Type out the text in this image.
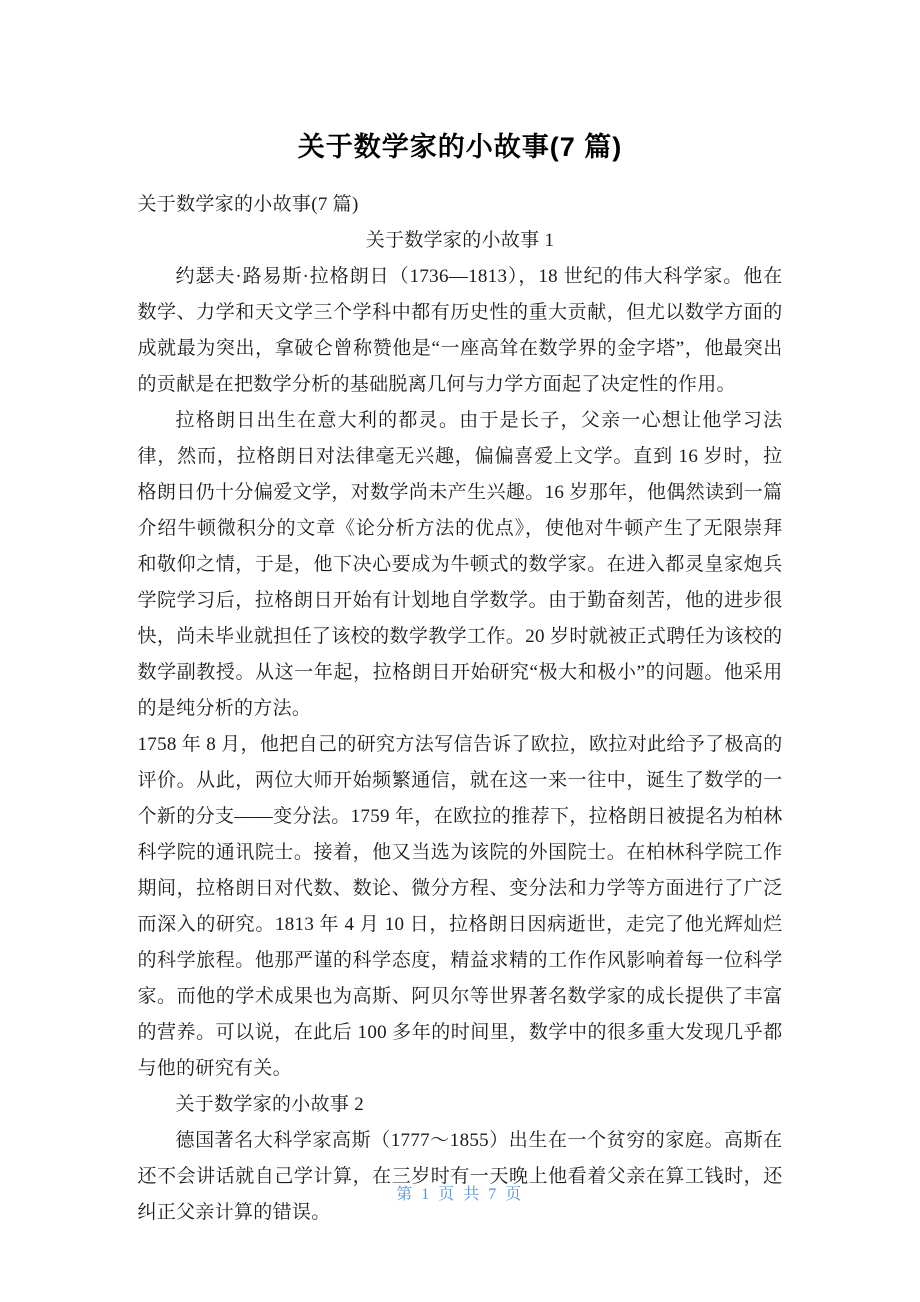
关于数学家的小故事(7 篇)

关于数学家的小故事(7 篇)

关于数学家的小故事 1

约瑟夫·路易斯·拉格朗日（1736—1813），18 世纪的伟大科学家。他在数学、力学和天文学三个学科中都有历史性的重大贡献，但尤以数学方面的成就最为突出，拿破仑曾称赞他是“一座高耸在数学界的金字塔”，他最突出的贡献是在把数学分析的基础脱离几何与力学方面起了决定性的作用。

拉格朗日出生在意大利的都灵。由于是长子，父亲一心想让他学习法律，然而，拉格朗日对法律毫无兴趣，偏偏喜爱上文学。直到 16 岁时，拉格朗日仍十分偏爱文学，对数学尚未产生兴趣。16 岁那年，他偶然读到一篇介绍牛顿微积分的文章《论分析方法的优点》，使他对牛顿产生了无限崇拜和敬仰之情，于是，他下决心要成为牛顿式的数学家。在进入都灵皇家炮兵学院学习后，拉格朗日开始有计划地自学数学。由于勤奋刻苦，他的进步很快，尚未毕业就担任了该校的数学教学工作。20 岁时就被正式聘任为该校的数学副教授。从这一年起，拉格朗日开始研究“极大和极小”的问题。他采用的是纯分析的方法。

1758 年 8 月，他把自己的研究方法写信告诉了欧拉，欧拉对此给予了极高的评价。从此，两位大师开始频繁通信，就在这一来一往中，诞生了数学的一个新的分支——变分法。1759 年，在欧拉的推荐下，拉格朗日被提名为柏林科学院的通讯院士。接着，他又当选为该院的外国院士。在柏林科学院工作期间，拉格朗日对代数、数论、微分方程、变分法和力学等方面进行了广泛而深入的研究。1813 年 4 月 10 日，拉格朗日因病逝世，走完了他光辉灿烂的科学旅程。他那严谨的科学态度，精益求精的工作作风影响着每一位科学家。而他的学术成果也为高斯、阿贝尔等世界著名数学家的成长提供了丰富的营养。可以说，在此后 100 多年的时间里，数学中的很多重大发现几乎都与他的研究有关。

关于数学家的小故事 2

德国著名大科学家高斯（1777～1855）出生在一个贫穷的家庭。高斯在还不会讲话就自己学计算，在三岁时有一天晚上他看着父亲在算工钱时，还纠正父亲计算的错误。

第 1 页 共 7 页
